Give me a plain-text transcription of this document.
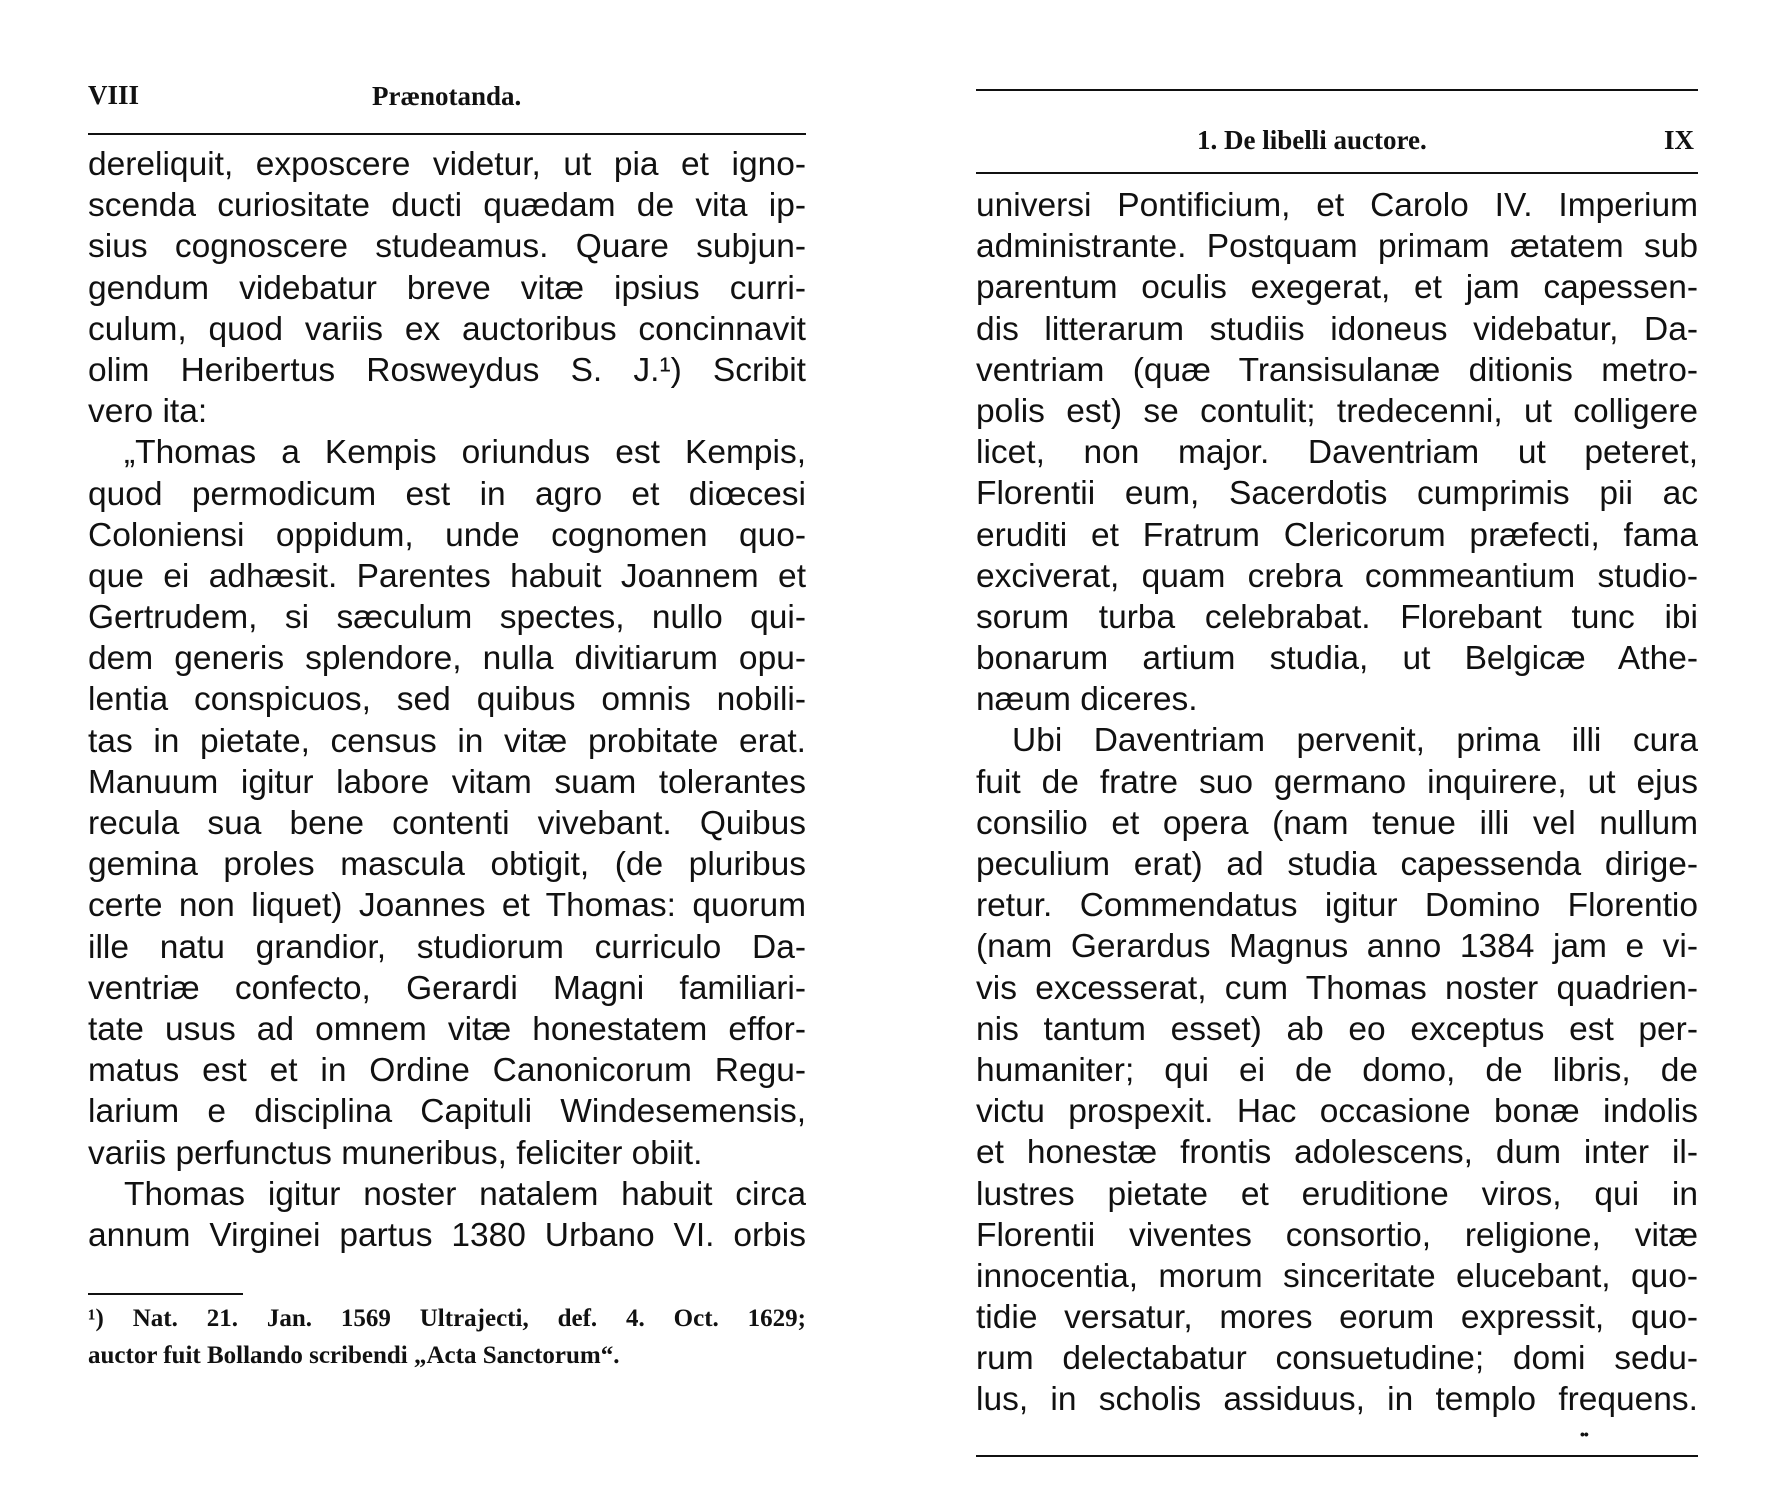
VIII	Prænotanda.
dereliquit, exposcere videtur, ut pia et igno-
scenda curiositate ducti quædam de vita ip-
sius cognoscere studeamus. Quare subjun-
gendum videbatur breve vitæ ipsius curri-
culum, quod variis ex auctoribus concinnavit
olim Heribertus Rosweydus S. J.¹) Scribit
vero ita:
„Thomas a Kempis oriundus est Kempis,
quod permodicum est in agro et diœcesi
Coloniensi oppidum, unde cognomen quo-
que ei adhæsit. Parentes habuit Joannem et
Gertrudem, si sæculum spectes, nullo qui-
dem generis splendore, nulla divitiarum opu-
lentia conspicuos, sed quibus omnis nobili-
tas in pietate, census in vitæ probitate erat.
Manuum igitur labore vitam suam tolerantes
recula sua bene contenti vivebant. Quibus
gemina proles mascula obtigit, (de pluribus
certe non liquet) Joannes et Thomas: quorum
ille natu grandior, studiorum curriculo Da-
ventriæ confecto, Gerardi Magni familiari-
tate usus ad omnem vitæ honestatem effor-
matus est et in Ordine Canonicorum Regu-
larium e disciplina Capituli Windesemensis,
variis perfunctus muneribus, feliciter obiit.
Thomas igitur noster natalem habuit circa
annum Virginei partus 1380 Urbano VI. orbis
¹) Nat. 21. Jan. 1569 Ultrajecti, def. 4. Oct. 1629;
auctor fuit Bollando scribendi „Acta Sanctorum“.
1. De libelli auctore.	IX
universi Pontificium, et Carolo IV. Imperium
administrante. Postquam primam ætatem sub
parentum oculis exegerat, et jam capessen-
dis litterarum studiis idoneus videbatur, Da-
ventriam (quæ Transisulanæ ditionis metro-
polis est) se contulit; tredecenni, ut colligere
licet, non major. Daventriam ut peteret,
Florentii eum, Sacerdotis cumprimis pii ac
eruditi et Fratrum Clericorum præfecti, fama
exciverat, quam crebra commeantium studio-
sorum turba celebrabat. Florebant tunc ibi
bonarum artium studia, ut Belgicæ Athe-
næum diceres.
Ubi Daventriam pervenit, prima illi cura
fuit de fratre suo germano inquirere, ut ejus
consilio et opera (nam tenue illi vel nullum
peculium erat) ad studia capessenda dirige-
retur. Commendatus igitur Domino Florentio
(nam Gerardus Magnus anno 1384 jam e vi-
vis excesserat, cum Thomas noster quadrien-
nis tantum esset) ab eo exceptus est per-
humaniter; qui ei de domo, de libris, de
victu prospexit. Hac occasione bonæ indolis
et honestæ frontis adolescens, dum inter il-
lustres pietate et eruditione viros, qui in
Florentii viventes consortio, religione, vitæ
innocentia, morum sinceritate elucebant, quo-
tidie versatur, mores eorum expressit, quo-
rum delectabatur consuetudine; domi sedu-
lus, in scholis assiduus, in templo frequens.
••
